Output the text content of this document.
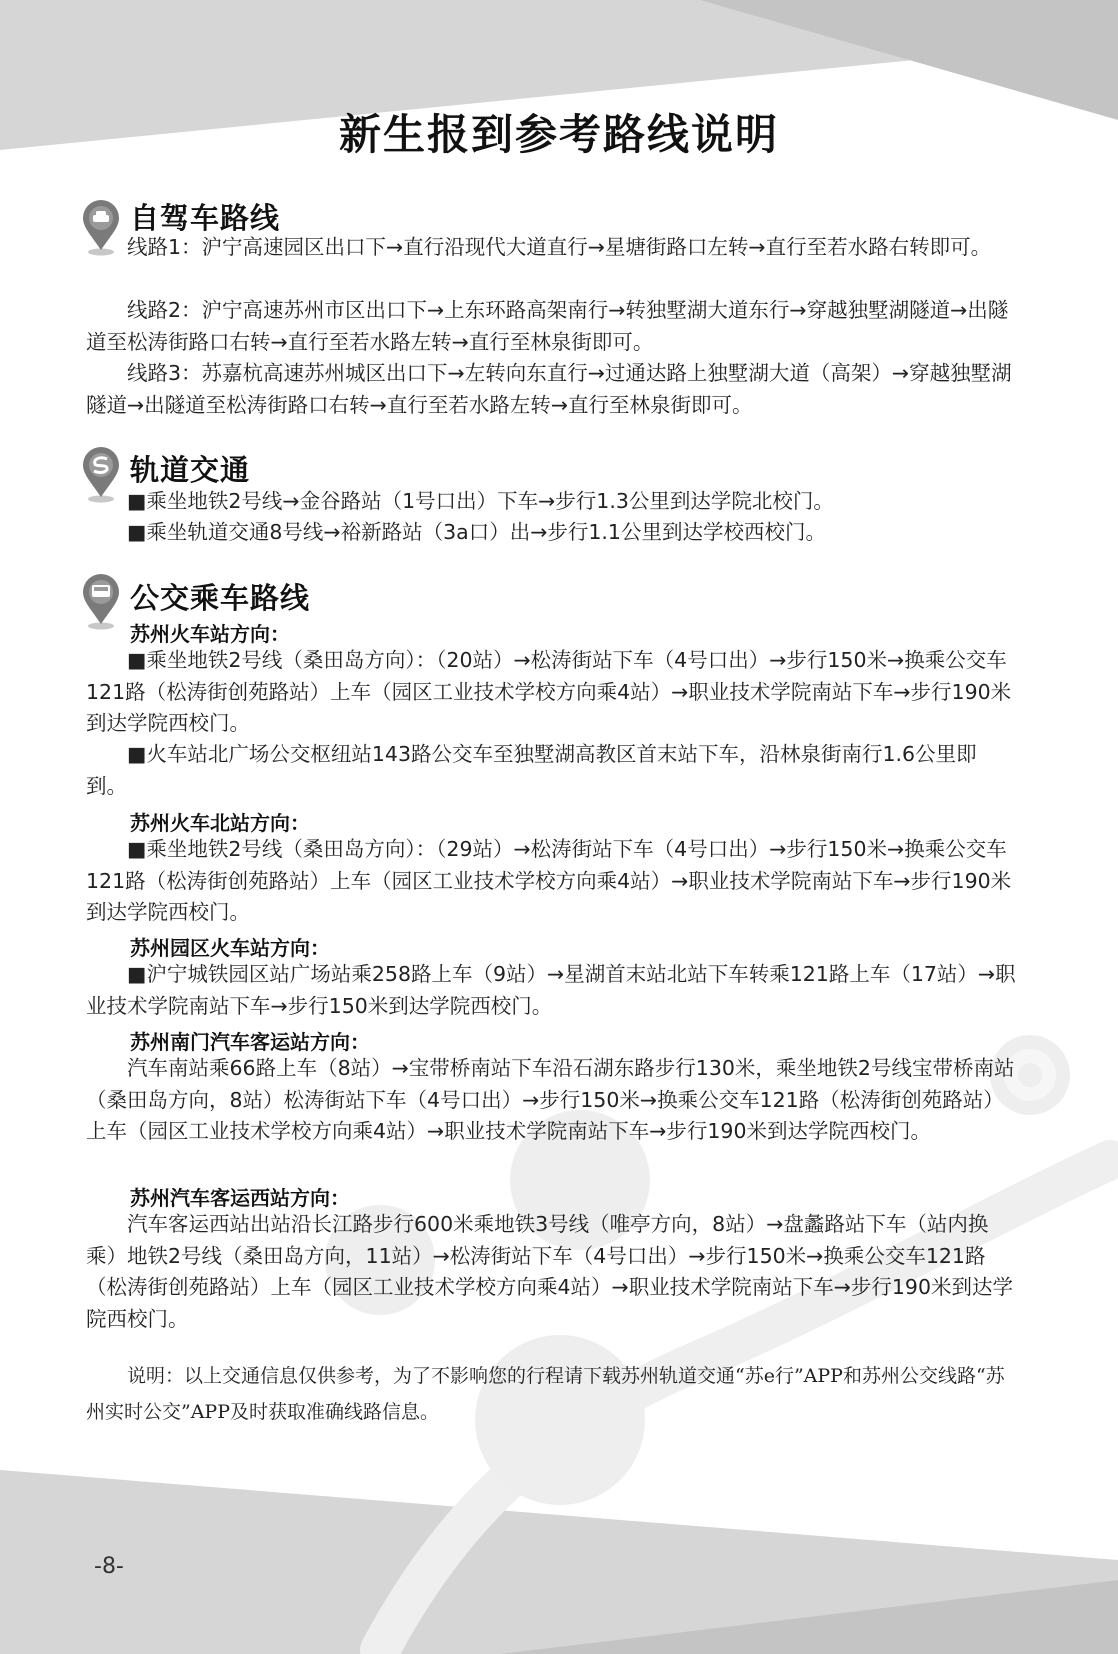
新生报到参考路线说明
自驾车路线
线路1：沪宁高速园区出口下→直行沿现代大道直行→星塘街路口左转→直行至若水路右转即可。
线路2：沪宁高速苏州市区出口下→上东环路高架南行→转独墅湖大道东行→穿越独墅湖隧道→出隧道至松涛街路口右转→直行至若水路左转→直行至林泉街即可。
线路3：苏嘉杭高速苏州城区出口下→左转向东直行→过通达路上独墅湖大道（高架）→穿越独墅湖隧道→出隧道至松涛街路口右转→直行至若水路左转→直行至林泉街即可。
轨道交通
■乘坐地铁2号线→金谷路站（1号口出）下车→步行1.3公里到达学院北校门。
■乘坐轨道交通8号线→裕新路站（3a口）出→步行1.1公里到达学校西校门。
公交乘车路线
苏州火车站方向：
■乘坐地铁2号线（桑田岛方向）：（20站）→松涛街站下车（4号口出）→步行150米→换乘公交车121路（松涛街创苑路站）上车（园区工业技术学校方向乘4站）→职业技术学院南站下车→步行190米到达学院西校门。
■火车站北广场公交枢纽站143路公交车至独墅湖高教区首末站下车，沿林泉街南行1.6公里即到。
苏州火车北站方向：
■乘坐地铁2号线（桑田岛方向）：（29站）→松涛街站下车（4号口出）→步行150米→换乘公交车121路（松涛街创苑路站）上车（园区工业技术学校方向乘4站）→职业技术学院南站下车→步行190米到达学院西校门。
苏州园区火车站方向：
■沪宁城铁园区站广场站乘258路上车（9站）→星湖首末站北站下车转乘121路上车（17站）→职业技术学院南站下车→步行150米到达学院西校门。
苏州南门汽车客运站方向：
汽车南站乘66路上车（8站）→宝带桥南站下车沿石湖东路步行130米，乘坐地铁2号线宝带桥南站（桑田岛方向，8站）松涛街站下车（4号口出）→步行150米→换乘公交车121路（松涛街创苑路站）上车（园区工业技术学校方向乘4站）→职业技术学院南站下车→步行190米到达学院西校门。
苏州汽车客运西站方向：
汽车客运西站出站沿长江路步行600米乘地铁3号线（唯亭方向，8站）→盘蠡路站下车（站内换乘）地铁2号线（桑田岛方向，11站）→松涛街站下车（4号口出）→步行150米→换乘公交车121路（松涛街创苑路站）上车（园区工业技术学校方向乘4站）→职业技术学院南站下车→步行190米到达学院西校门。
说明：以上交通信息仅供参考，为了不影响您的行程请下载苏州轨道交通“苏e行”APP和苏州公交线路“苏州实时公交”APP及时获取准确线路信息。
-8-
